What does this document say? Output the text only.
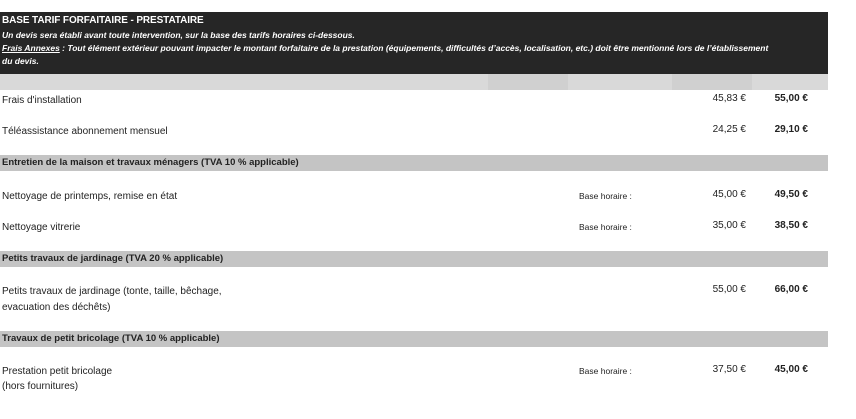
BASE TARIF FORFAITAIRE - PRESTATAIRE
Un devis sera établi avant toute intervention, sur la base des tarifs horaires ci-dessous.
Frais Annexes : Tout élément extérieur pouvant impacter le montant forfaitaire de la prestation (équipements, difficultés d’accès, localisation, etc.) doit être mentionné lors de l’établissement
du devis.
Frais d'installation	45,83 €	55,00 €
Téléassistance abonnement mensuel	24,25 €	29,10 €
Entretien de la maison et travaux ménagers (TVA 10 % applicable)
Nettoyage de printemps, remise en état	Base horaire :	45,00 €	49,50 €
Nettoyage vitrerie	Base horaire :	35,00 €	38,50 €
Petits travaux de jardinage (TVA 20 % applicable)
Petits travaux de jardinage (tonte, taille, bêchage,
evacuation des déchêts)
55,00 €	66,00 €
Travaux de petit bricolage (TVA 10 % applicable)
Prestation petit bricolage
(hors fournitures)
Base horaire :	37,50 €	45,00 €
